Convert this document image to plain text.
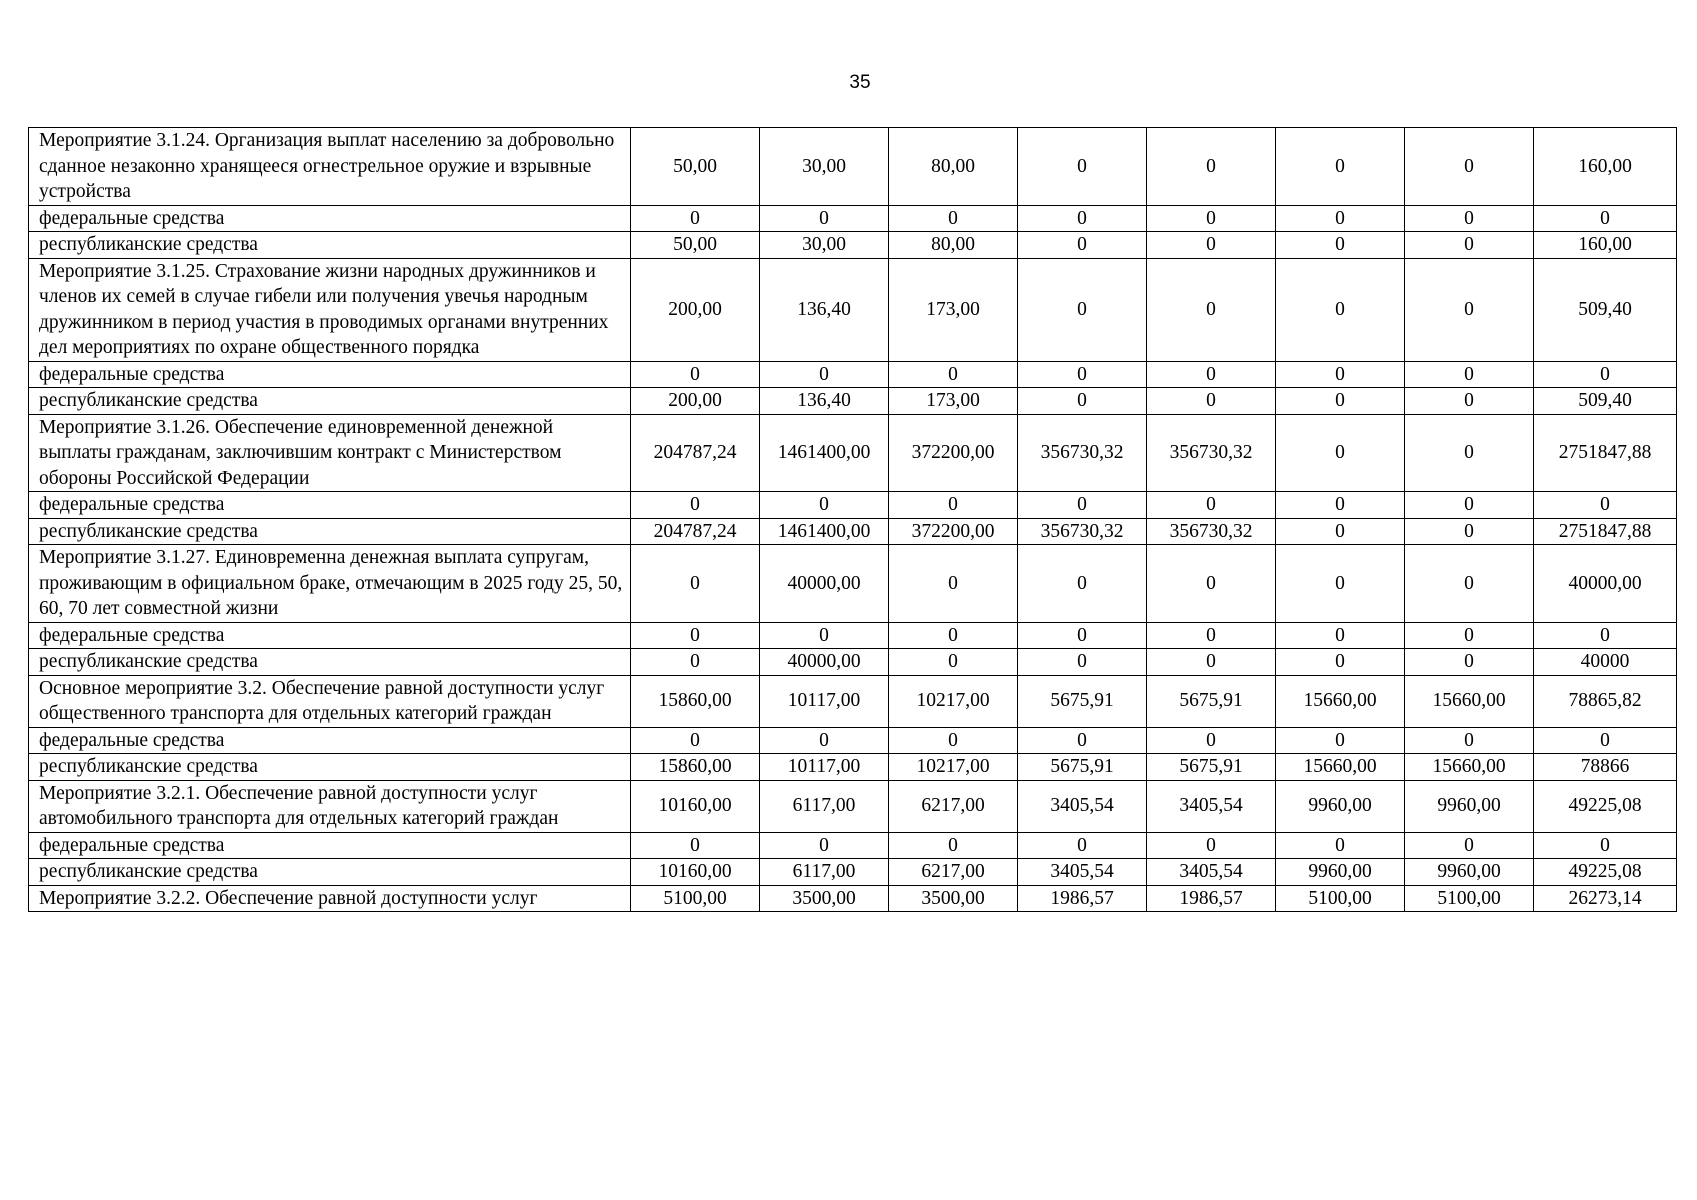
35
Мероприятие 3.1.24. Организация выплат населению за добровольно сданное незаконно хранящееся огнестрельное оружие и взрывные устройства	50,00	30,00	80,00	0	0	0	0	160,00
федеральные средства	0	0	0	0	0	0	0	0
республиканские средства	50,00	30,00	80,00	0	0	0	0	160,00
Мероприятие 3.1.25. Страхование жизни народных дружинников и членов их семей в случае гибели или получения увечья народным дружинником в период участия в проводимых органами внутренних дел мероприятиях по охране общественного порядка	200,00	136,40	173,00	0	0	0	0	509,40
федеральные средства	0	0	0	0	0	0	0	0
республиканские средства	200,00	136,40	173,00	0	0	0	0	509,40
Мероприятие 3.1.26. Обеспечение единовременной денежной выплаты гражданам, заключившим контракт с Министерством обороны Российской Федерации	204787,24	1461400,00	372200,00	356730,32	356730,32	0	0	2751847,88
федеральные средства	0	0	0	0	0	0	0	0
республиканские средства	204787,24	1461400,00	372200,00	356730,32	356730,32	0	0	2751847,88
Мероприятие 3.1.27. Единовременна денежная выплата супругам, проживающим в официальном браке, отмечающим в 2025 году 25, 50, 60, 70 лет совместной жизни	0	40000,00	0	0	0	0	0	40000,00
федеральные средства	0	0	0	0	0	0	0	0
республиканские средства	0	40000,00	0	0	0	0	0	40000
Основное мероприятие 3.2. Обеспечение равной доступности услуг общественного транспорта для отдельных категорий граждан	15860,00	10117,00	10217,00	5675,91	5675,91	15660,00	15660,00	78865,82
федеральные средства	0	0	0	0	0	0	0	0
республиканские средства	15860,00	10117,00	10217,00	5675,91	5675,91	15660,00	15660,00	78866
Мероприятие 3.2.1. Обеспечение равной доступности услуг автомобильного транспорта для отдельных категорий граждан	10160,00	6117,00	6217,00	3405,54	3405,54	9960,00	9960,00	49225,08
федеральные средства	0	0	0	0	0	0	0	0
республиканские средства	10160,00	6117,00	6217,00	3405,54	3405,54	9960,00	9960,00	49225,08
Мероприятие 3.2.2. Обеспечение равной доступности услуг	5100,00	3500,00	3500,00	1986,57	1986,57	5100,00	5100,00	26273,14
